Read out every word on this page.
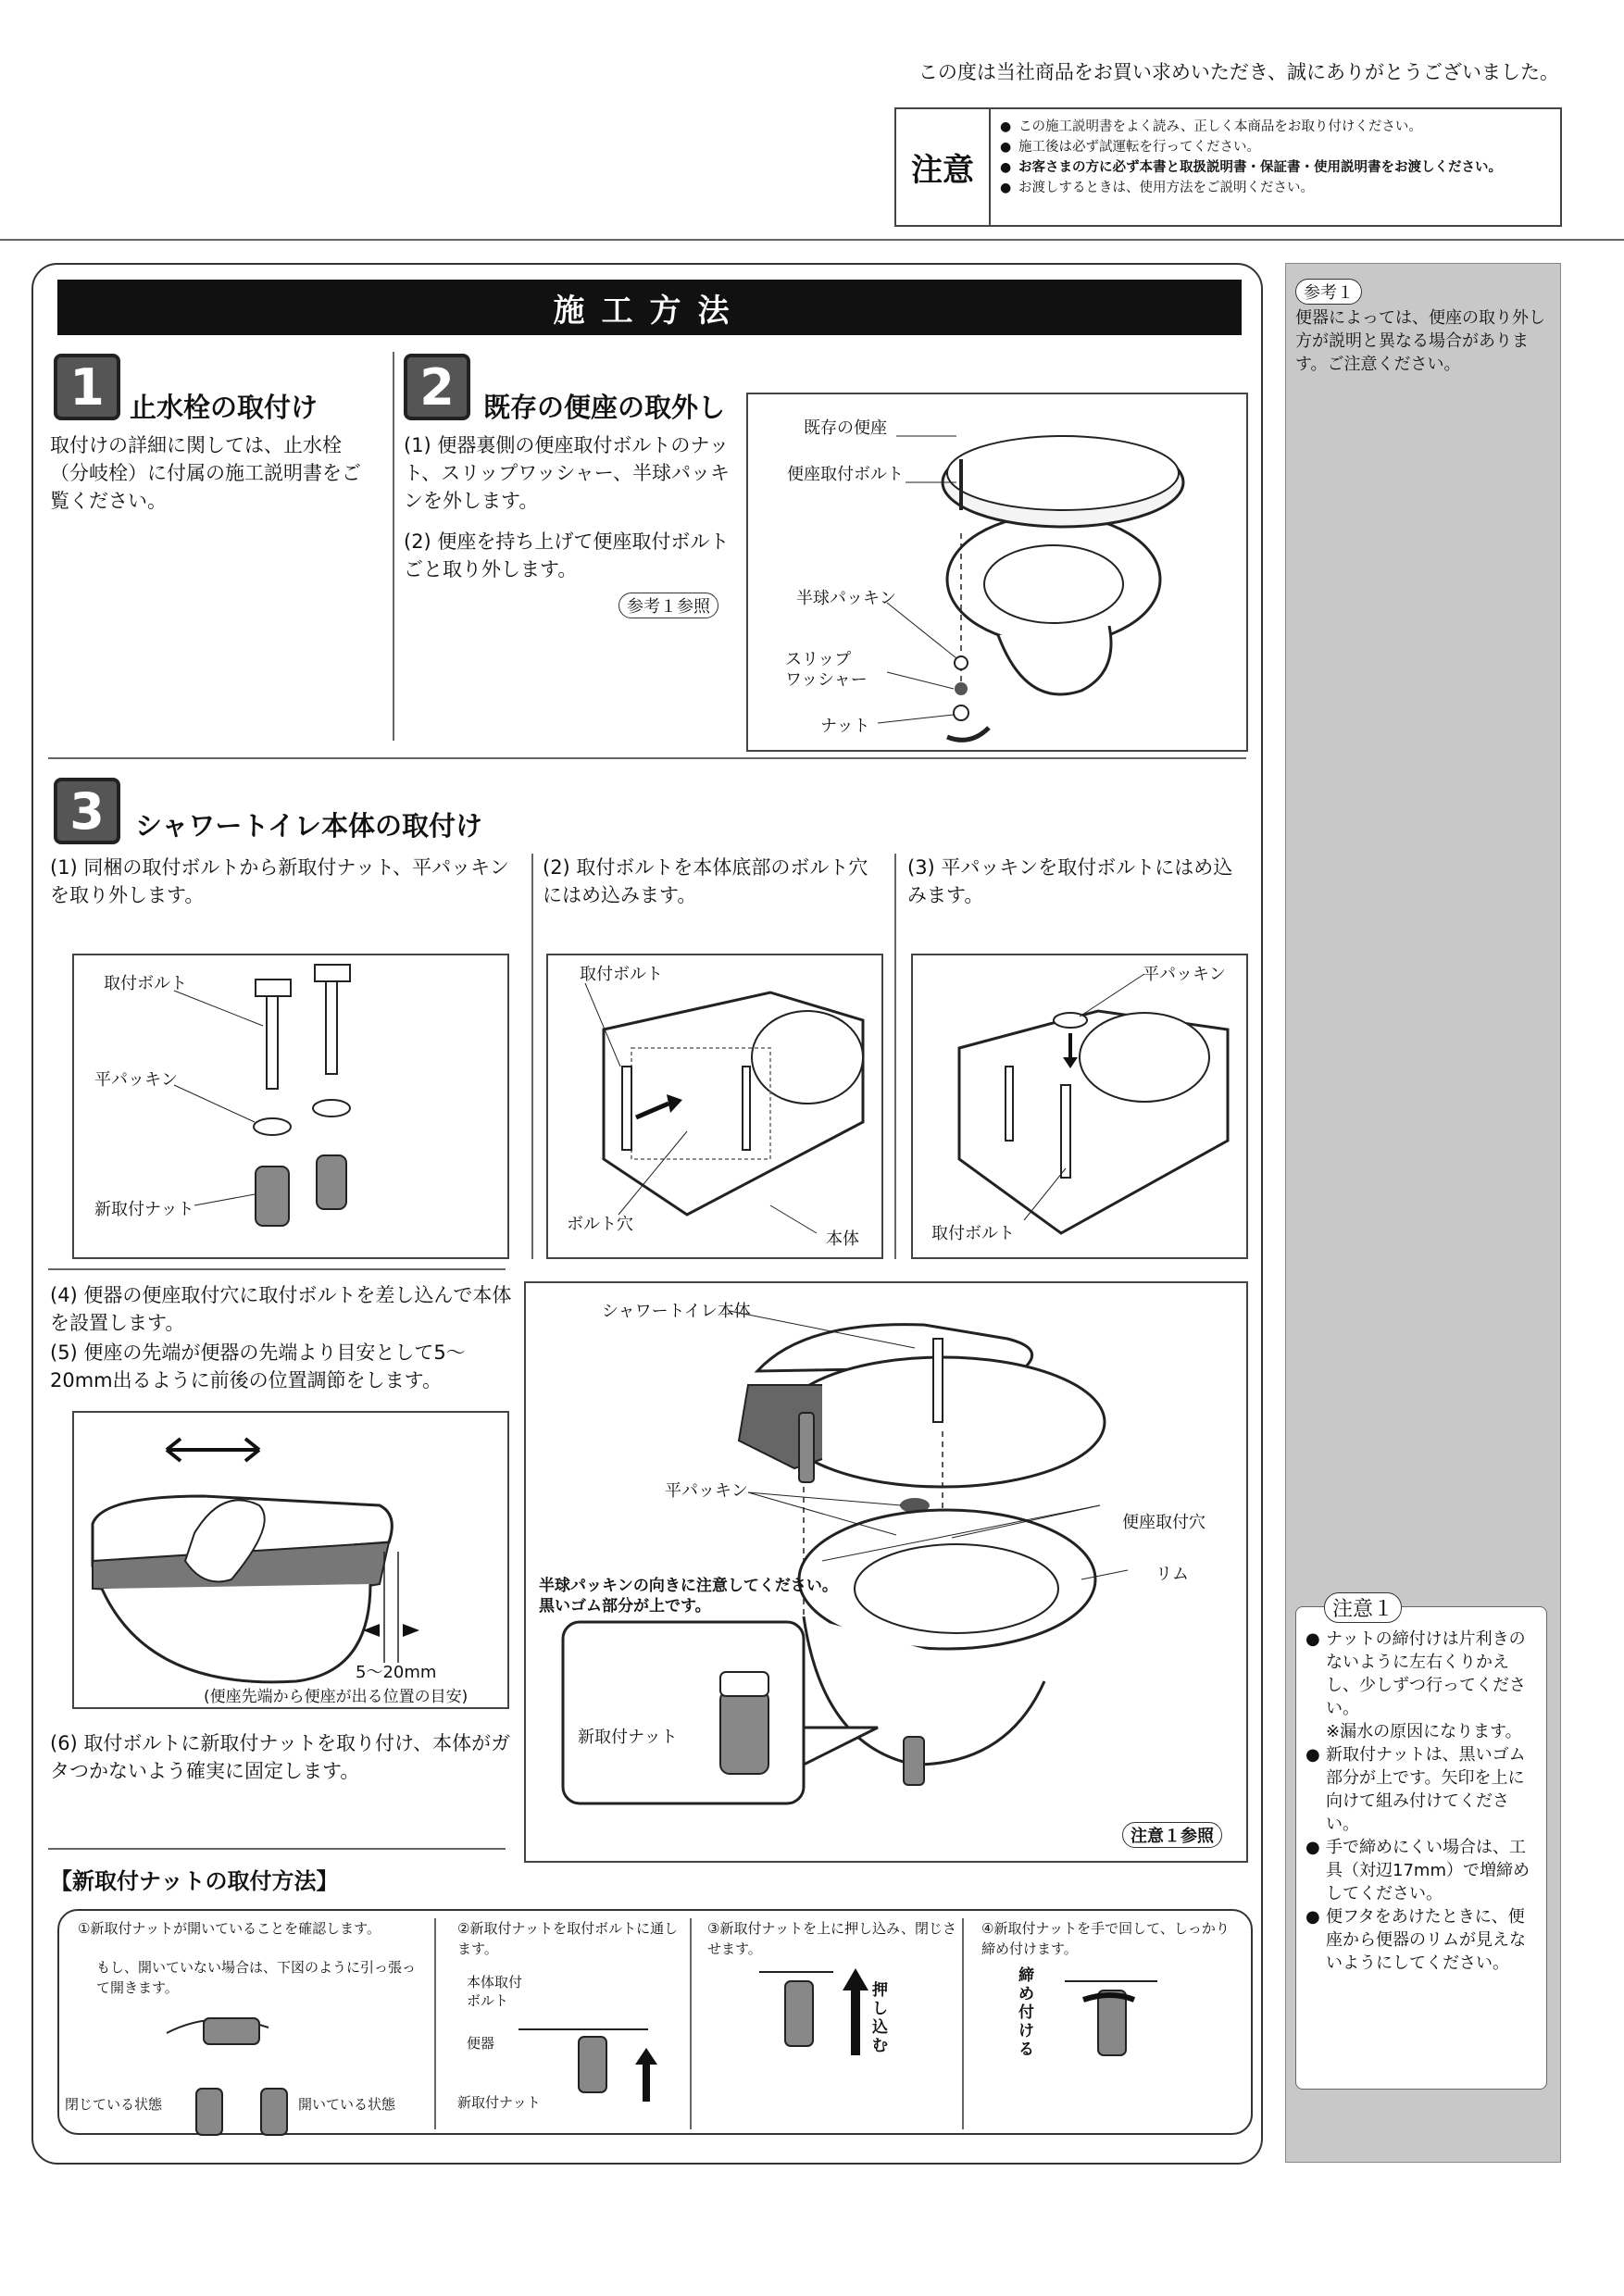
この度は当社商品をお買い求めいただき、誠にありがとうございました。
注意
● この施工説明書をよく読み、正しく本商品をお取り付けください。
● 施工後は必ず試運転を行ってください。
● お客さまの方に必ず本書と取扱説明書・保証書・使用説明書をお渡しください。
● お渡しするときは、使用方法をご説明ください。
施工方法
1 止水栓の取付け
取付けの詳細に関しては、止水栓（分岐栓）に付属の施工説明書をご覧ください。
2	既存の便座の取外し
(1) 便器裏側の便座取付ボルトのナット、スリップワッシャー、半球パッキンを外します。
(2) 便座を持ち上げて便座取付ボルトごと取り外します。
参考１参照
既存の便座
便座取付ボルト
半球パッキン
スリップ
ワッシャー
ナット
3	シャワートイレ本体の取付け
(1) 同梱の取付ボルトから新取付ナット、平パッキンを取り外します。
(2) 取付ボルトを本体底部のボルト穴にはめ込みます。
(3) 平パッキンを取付ボルトにはめ込みます。
取付ボルト
平パッキン
新取付ナット
取付ボルト
ボルト穴
本体
平パッキン
取付ボルト
(4) 便器の便座取付穴に取付ボルトを差し込んで本体を設置します。
(5) 便座の先端が便器の先端より目安として5〜20mm出るように前後の位置調節をします。
5〜20mm
(便座先端から便座が出る位置の目安)
(6) 取付ボルトに新取付ナットを取り付け、本体がガタつかないよう確実に固定します。
シャワートイレ本体
平パッキン
便座取付穴
リム
半球パッキンの向きに注意してください。
黒いゴム部分が上です。
新取付ナット
注意１参照
【新取付ナットの取付方法】
①新取付ナットが開いていることを確認します。
もし、開いていない場合は、下図のように引っ張って開きます。
閉じている状態	開いている状態
②新取付ナットを取付ボルトに通します。
本体取付
ボルト
便器
新取付ナット
③新取付ナットを上に押し込み、閉じさせます。
押し込む
④新取付ナットを手で回して、しっかり締め付けます。
締め付ける
参考１
便器によっては、便座の取り外し方が説明と異なる場合があります。ご注意ください。
注意１
● ナットの締付けは片利きのないように左右くりかえし、少しずつ行ってください。
※漏水の原因になります。
● 新取付ナットは、黒いゴム部分が上です。矢印を上に向けて組み付けてください。
● 手で締めにくい場合は、工具（対辺17mm）で増締めしてください。
● 便フタをあけたときに、便座から便器のリムが見えないようにしてください。
